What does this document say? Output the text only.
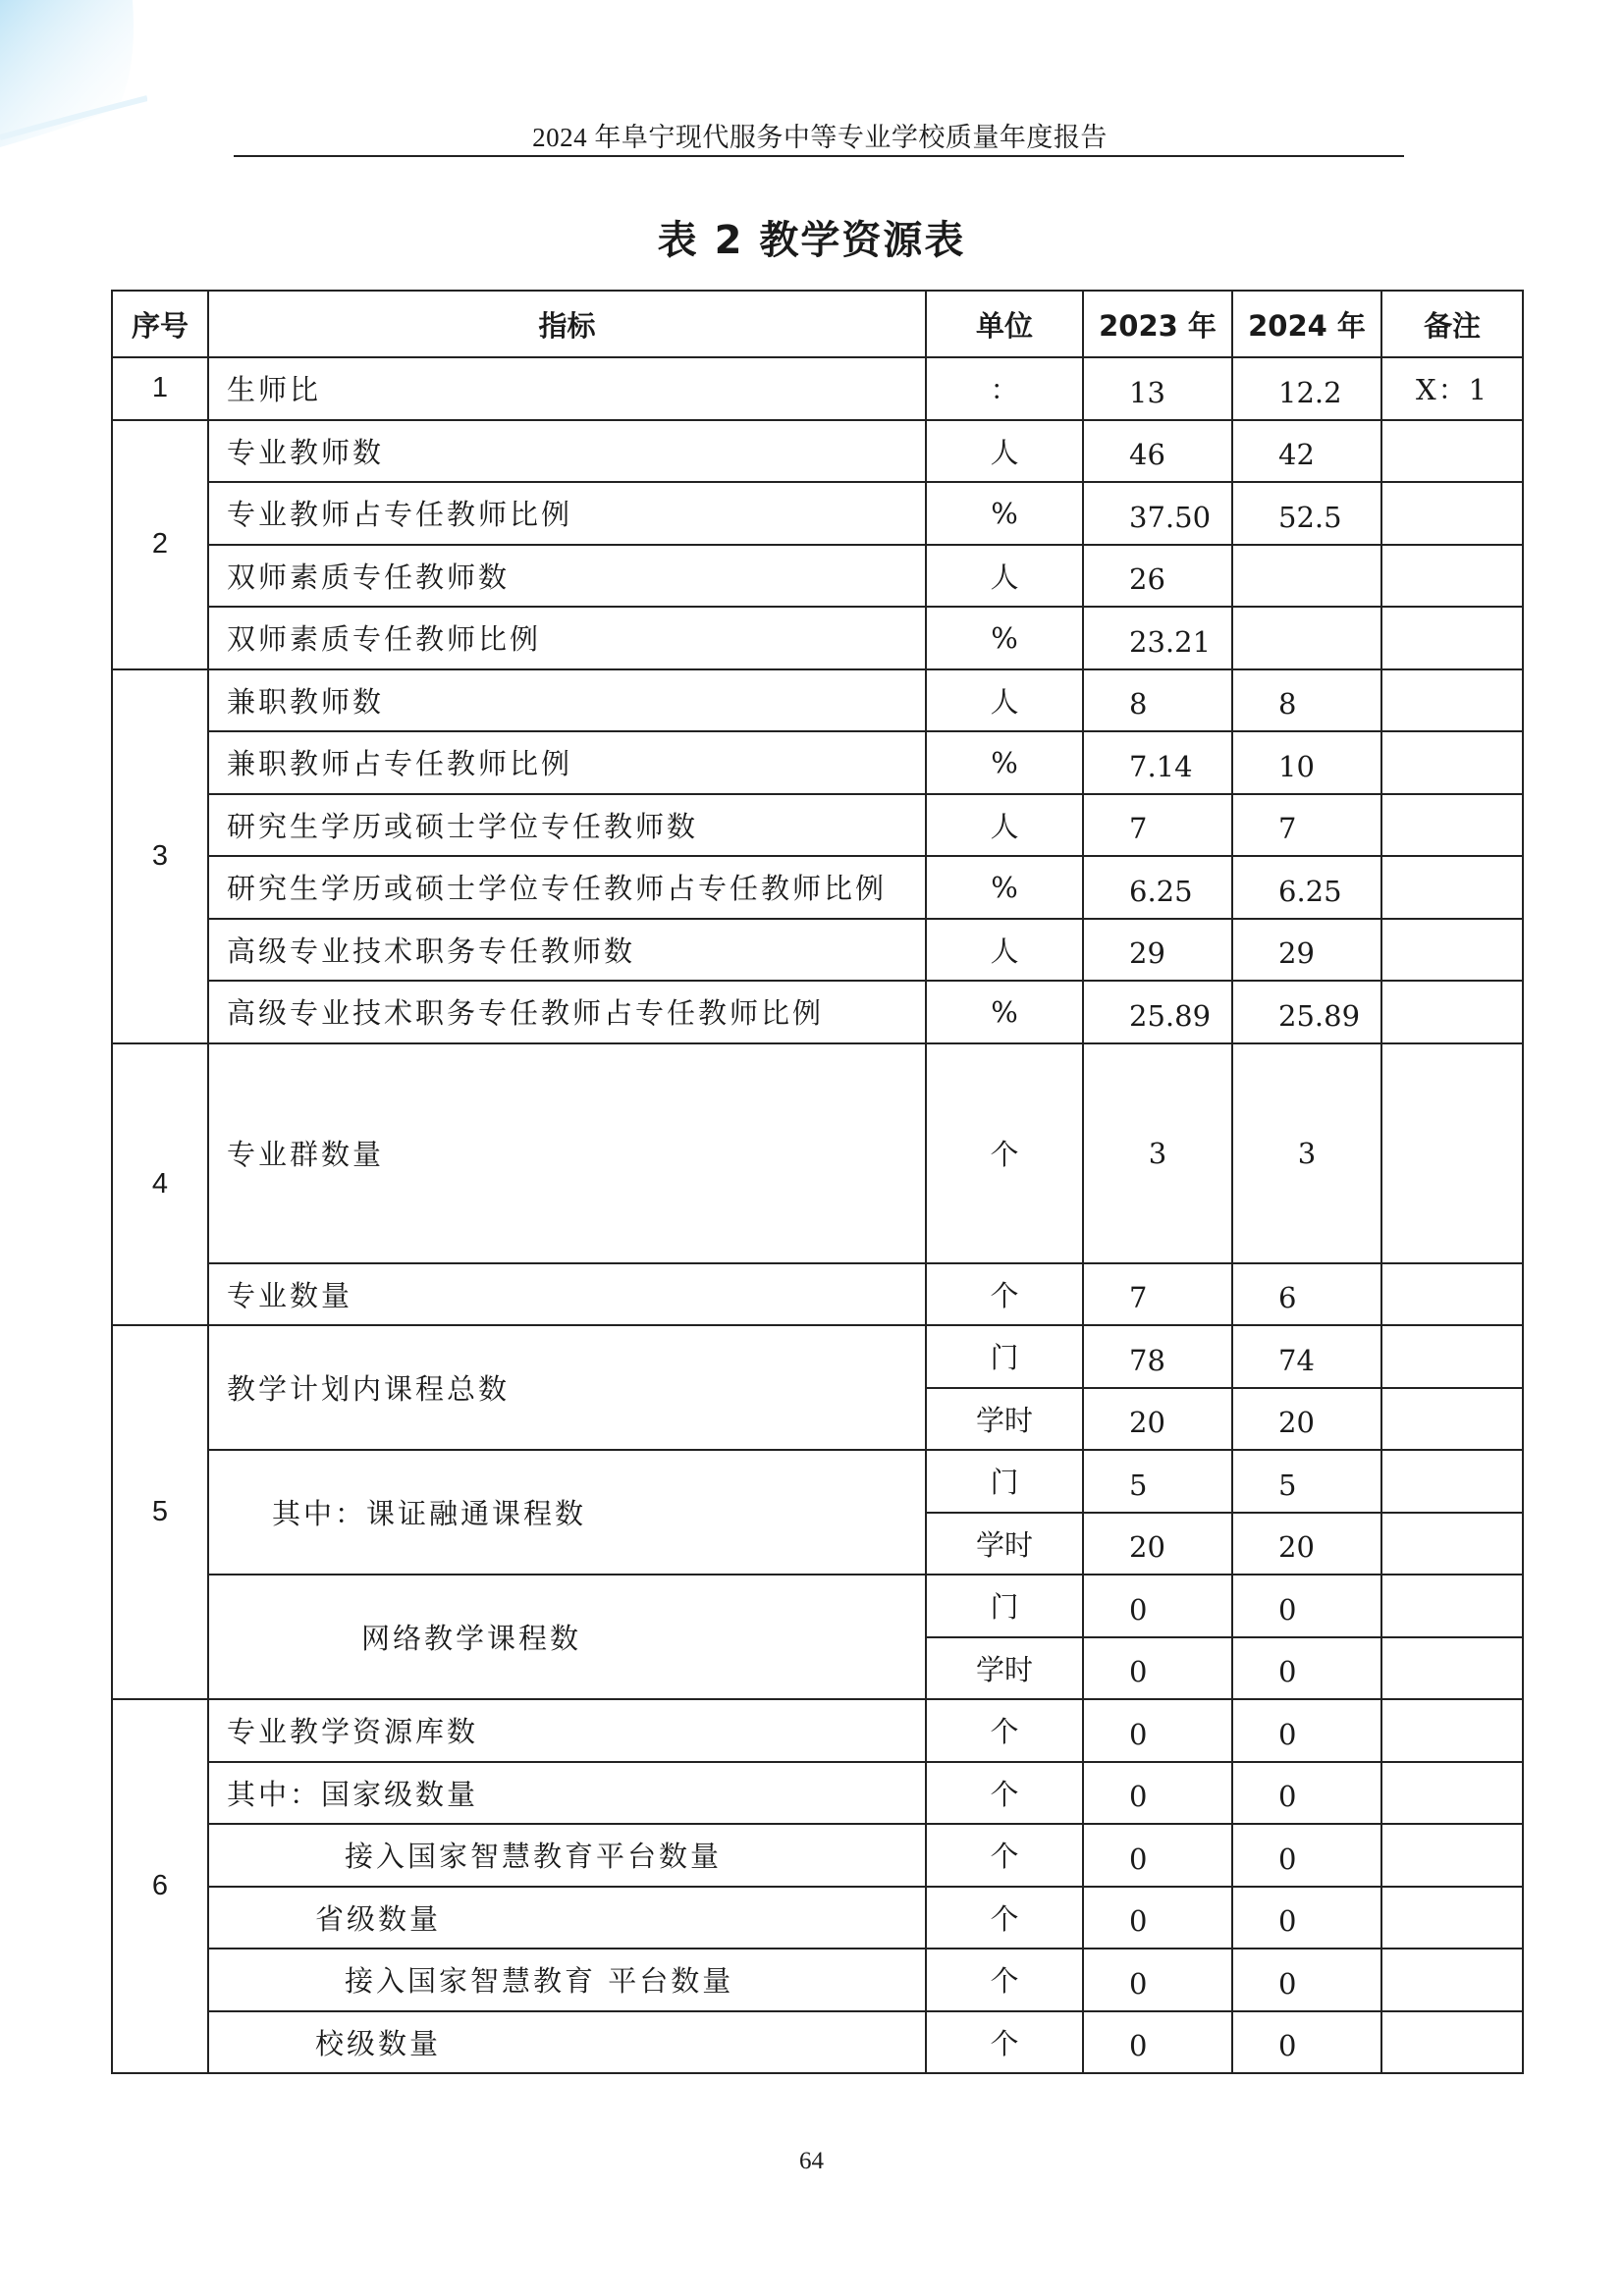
2024 年阜宁现代服务中等专业学校质量年度报告
表 2 教学资源表
序号	指标	单位	2023 年	2024 年	备注
1	生师比	：	13	12.2	X：1
2	专业教师数	人	46	42	
	专业教师占专任教师比例	%	37.50	52.5	
	双师素质专任教师数	人	26		
	双师素质专任教师比例	%	23.21		
3	兼职教师数	人	8	8	
	兼职教师占专任教师比例	%	7.14	10	
	研究生学历或硕士学位专任教师数	人	7	7	
	研究生学历或硕士学位专任教师占专任教师比例	%	6.25	6.25	
	高级专业技术职务专任教师数	人	29	29	
	高级专业技术职务专任教师占专任教师比例	%	25.89	25.89	
4	专业群数量	个	3	3	
	专业数量	个	7	6	
5	教学计划内课程总数	门	78	74	
		学时	20	20	
	其中：课证融通课程数	门	5	5	
		学时	20	20	
	网络教学课程数	门	0	0	
		学时	0	0	
6	专业教学资源库数	个	0	0	
	其中：国家级数量	个	0	0	
	接入国家智慧教育平台数量	个	0	0	
	省级数量	个	0	0	
	接入国家智慧教育 平台数量	个	0	0	
	校级数量	个	0	0	
64
